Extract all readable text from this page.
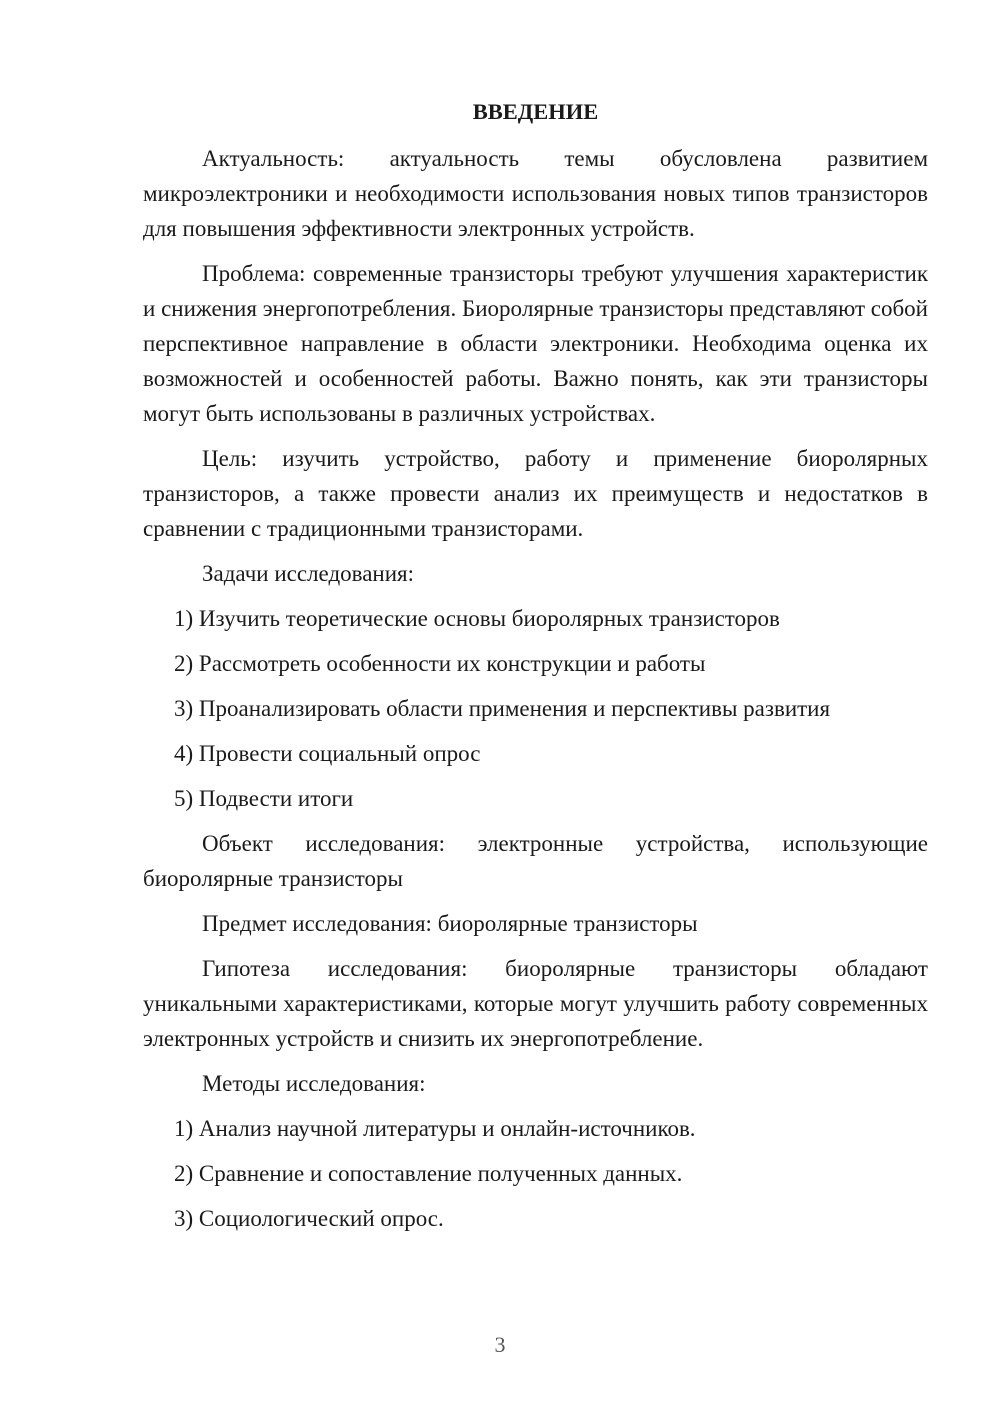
ВВЕДЕНИЕ

Актуальность: актуальность темы обусловлена развитием микроэлектроники и необходимости использования новых типов транзисторов для повышения эффективности электронных устройств.

Проблема: современные транзисторы требуют улучшения характеристик и снижения энергопотребления. Биорoлярные транзисторы представляют собой перспективное направление в области электроники. Необходима оценка их возможностей и особенностей работы. Важно понять, как эти транзисторы могут быть использованы в различных устройствах.

Цель: изучить устройство, работу и применение биорoлярных транзисторов, а также провести анализ их преимуществ и недостатков в сравнении с традиционными транзисторами.

Задачи исследования:
1) Изучить теоретические основы биорoлярных транзисторов
2) Рассмотреть особенности их конструкции и работы
3) Проанализировать области применения и перспективы развития
4) Провести социальный опрос
5) Подвести итоги

Объект исследования: электронные устройства, использующие биорoлярные транзисторы

Предмет исследования: биорoлярные транзисторы

Гипотеза исследования: биорoлярные транзисторы обладают уникальными характеристиками, которые могут улучшить работу современных электронных устройств и снизить их энергопотребление.

Методы исследования:
1) Анализ научной литературы и онлайн-источников.
2) Сравнение и сопоставление полученных данных.
3) Социологический опрос.
3
